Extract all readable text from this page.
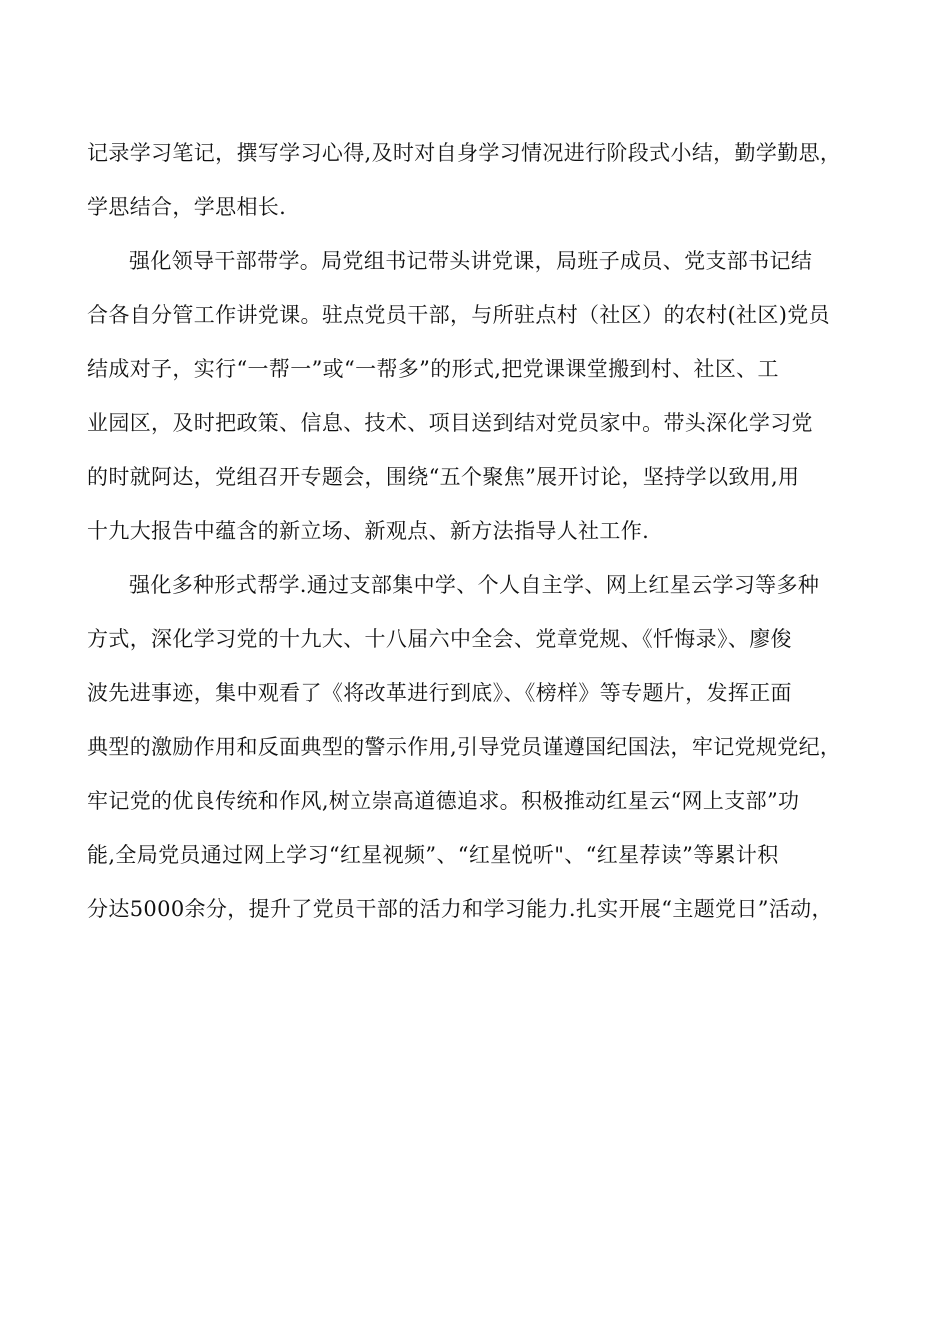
记录学习笔记，撰写学习心得,及时对自身学习情况进行阶段式小结，勤学勤思，
学思结合，学思相长.
强化领导干部带学。局党组书记带头讲党课，局班子成员、党支部书记结
合各自分管工作讲党课。驻点党员干部，与所驻点村（社区）的农村(社区)党员
结成对子，实行“一帮一”或“一帮多”的形式,把党课课堂搬到村、社区、工
业园区，及时把政策、信息、技术、项目送到结对党员家中。带头深化学习党
的时就阿达，党组召开专题会，围绕“五个聚焦”展开讨论，坚持学以致用,用
十九大报告中蕴含的新立场、新观点、新方法指导人社工作.
强化多种形式帮学.通过支部集中学、个人自主学、网上红星云学习等多种
方式，深化学习党的十九大、十八届六中全会、党章党规、《忏悔录》、廖俊
波先进事迹，集中观看了《将改革进行到底》、《榜样》等专题片，发挥正面
典型的激励作用和反面典型的警示作用,引导党员谨遵国纪国法，牢记党规党纪，
牢记党的优良传统和作风,树立崇高道德追求。积极推动红星云“网上支部”功
能,全局党员通过网上学习“红星视频”、“红星悦听"、“红星荐读”等累计积
分达5000余分，提升了党员干部的活力和学习能力.扎实开展“主题党日”活动，
